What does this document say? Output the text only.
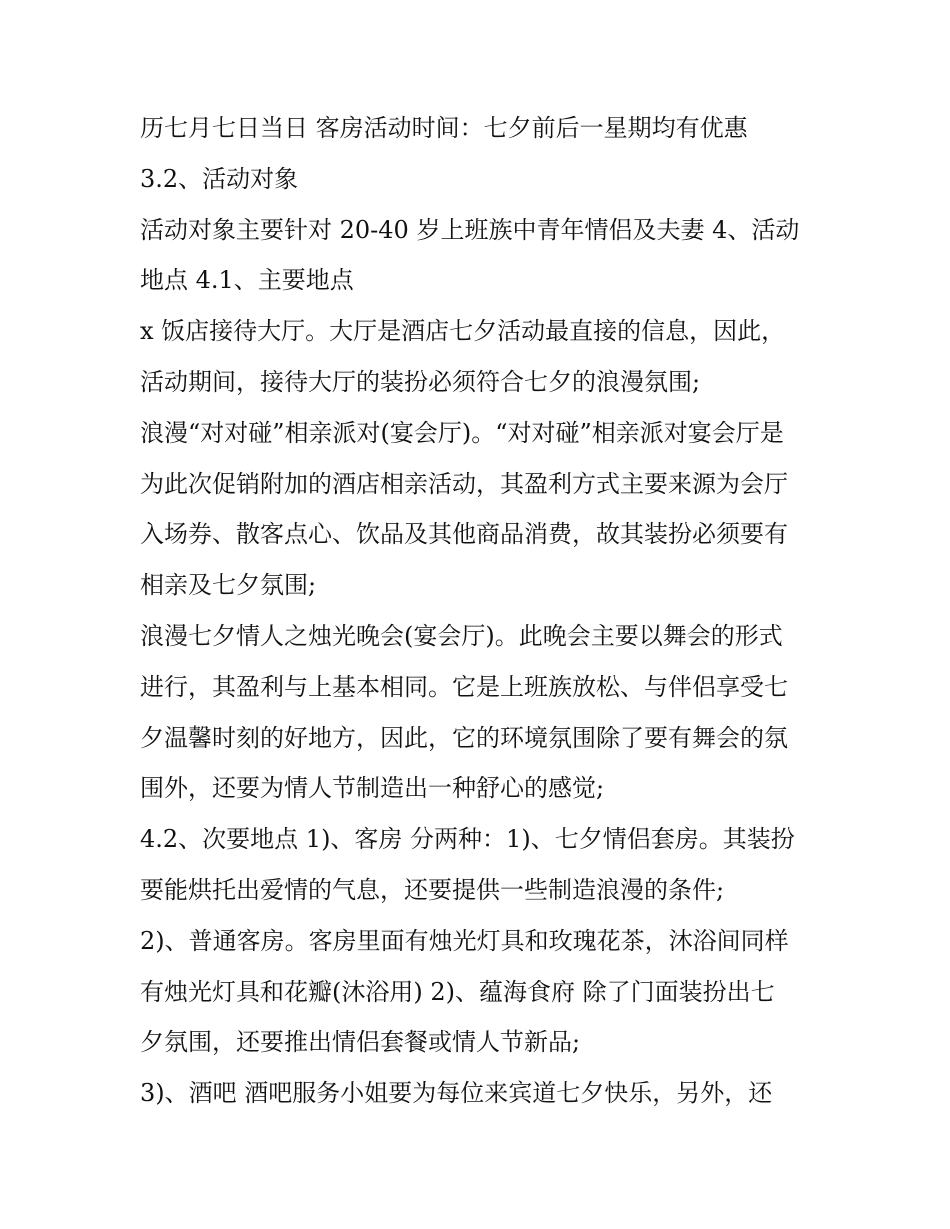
历七月七日当日 客房活动时间：七夕前后一星期均有优惠
3.2、活动对象
活动对象主要针对 20-40 岁上班族中青年情侣及夫妻 4、活动
地点 4.1、主要地点
x 饭店接待大厅。大厅是酒店七夕活动最直接的信息，因此，
活动期间，接待大厅的装扮必须符合七夕的浪漫氛围;
浪漫“对对碰”相亲派对(宴会厅)。“对对碰”相亲派对宴会厅是
为此次促销附加的酒店相亲活动，其盈利方式主要来源为会厅
入场券、散客点心、饮品及其他商品消费，故其装扮必须要有
相亲及七夕氛围;
浪漫七夕情人之烛光晚会(宴会厅)。此晚会主要以舞会的形式
进行，其盈利与上基本相同。它是上班族放松、与伴侣享受七
夕温馨时刻的好地方，因此，它的环境氛围除了要有舞会的氛
围外，还要为情人节制造出一种舒心的感觉;
4.2、次要地点 1)、客房 分两种：1)、七夕情侣套房。其装扮
要能烘托出爱情的气息，还要提供一些制造浪漫的条件;
2)、普通客房。客房里面有烛光灯具和玫瑰花茶，沐浴间同样
有烛光灯具和花瓣(沐浴用) 2)、蕴海食府 除了门面装扮出七
夕氛围，还要推出情侣套餐或情人节新品;
3)、酒吧 酒吧服务小姐要为每位来宾道七夕快乐，另外，还
